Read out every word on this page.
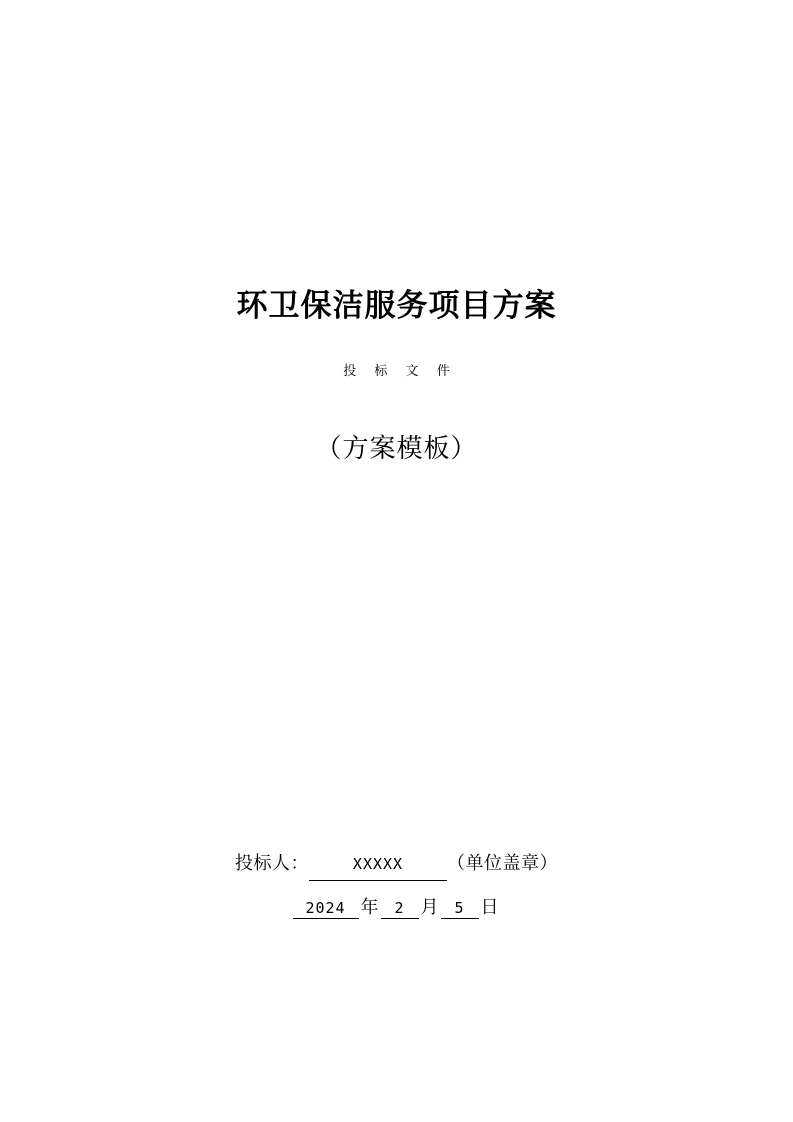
环卫保洁服务项目方案
投 标 文 件
（方案模板）
投标人：	XXXXX （单位盖章）
2024 年 2 月 5 日
